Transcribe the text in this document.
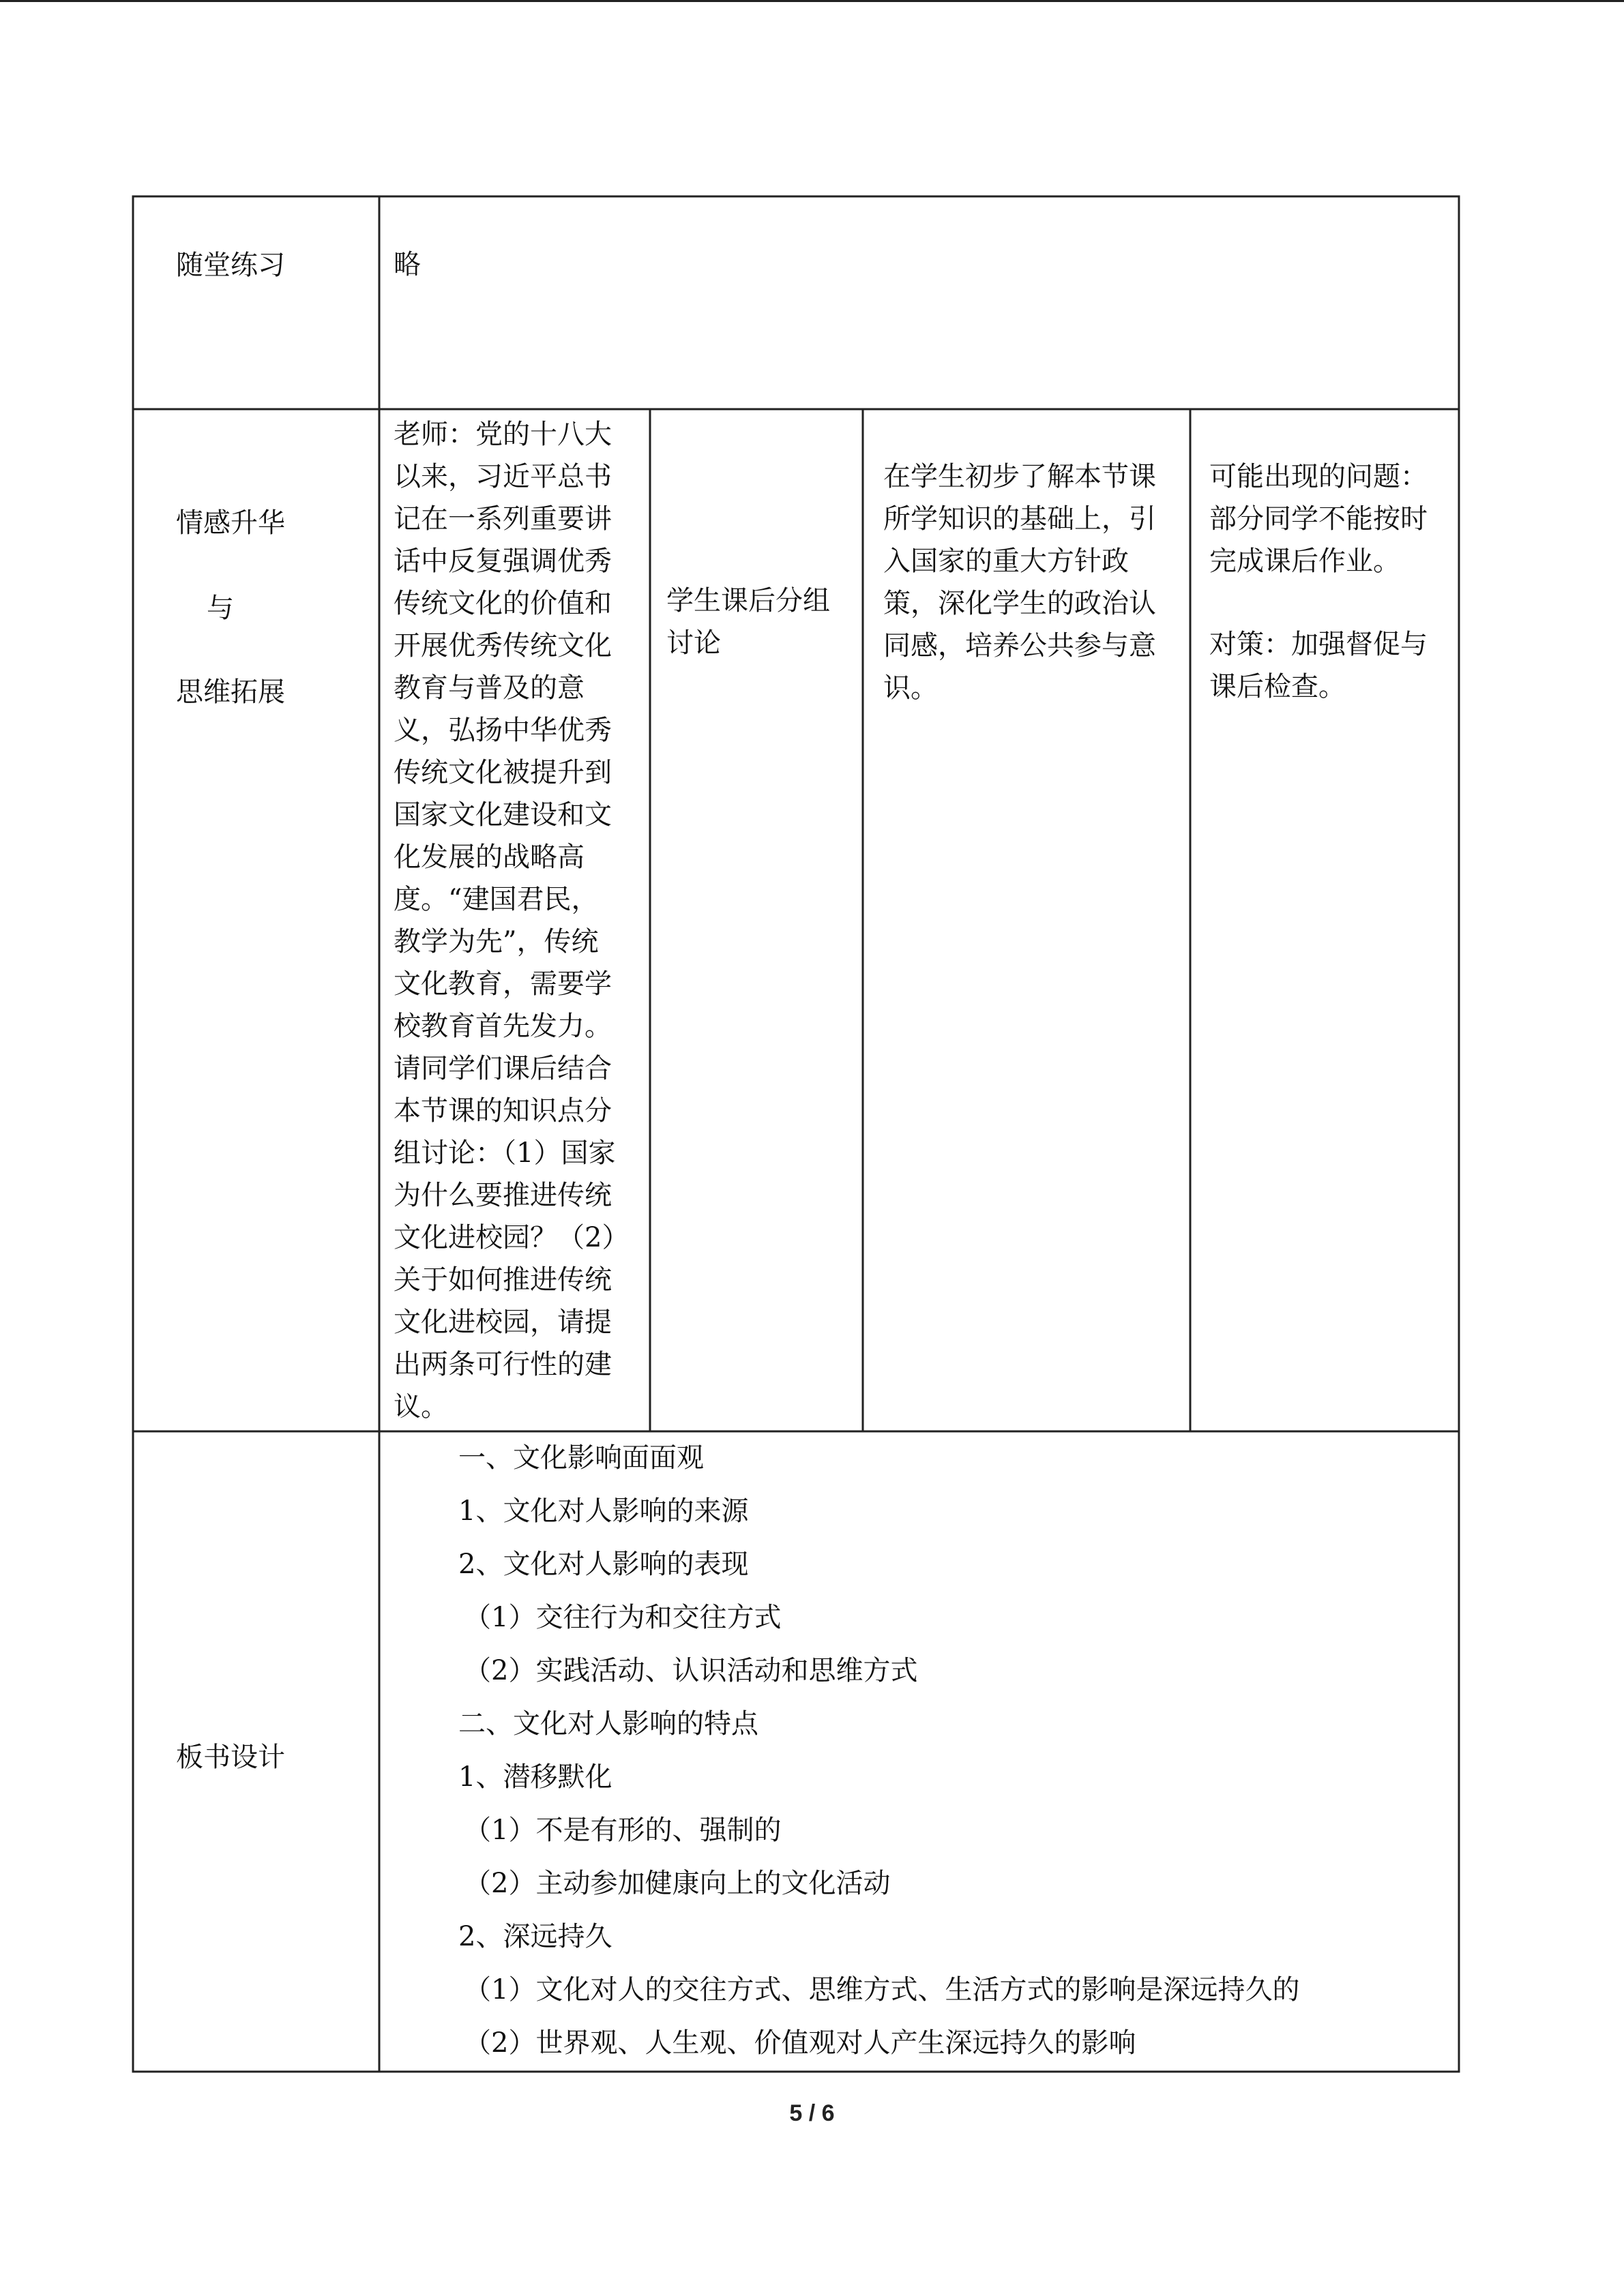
随堂练习	略
情感升华
与
思维拓展
老师：党的十八大以来，习近平总书记在一系列重要讲话中反复强调优秀传统文化的价值和开展优秀传统文化教育与普及的意义，弘扬中华优秀传统文化被提升到国家文化建设和文化发展的战略高度。“建国君民，教学为先”，传统文化教育，需要学校教育首先发力。请同学们课后结合本节课的知识点分组讨论：（1）国家为什么要推进传统文化进校园？（2）关于如何推进传统文化进校园，请提出两条可行性的建议。
学生课后分组讨论
在学生初步了解本节课所学知识的基础上，引入国家的重大方针政策，深化学生的政治认同感，培养公共参与意识。
可能出现的问题：部分同学不能按时完成课后作业。
对策：加强督促与课后检查。
板书设计

一、文化影响面面观

1、文化对人影响的来源

2、文化对人影响的表现

（1）交往行为和交往方式

（2）实践活动、认识活动和思维方式

二、文化对人影响的特点

1、潜移默化

（1）不是有形的、强制的

（2）主动参加健康向上的文化活动

2、深远持久

（1）文化对人的交往方式、思维方式、生活方式的影响是深远持久的

（2）世界观、人生观、价值观对人产生深远持久的影响

5 / 6
